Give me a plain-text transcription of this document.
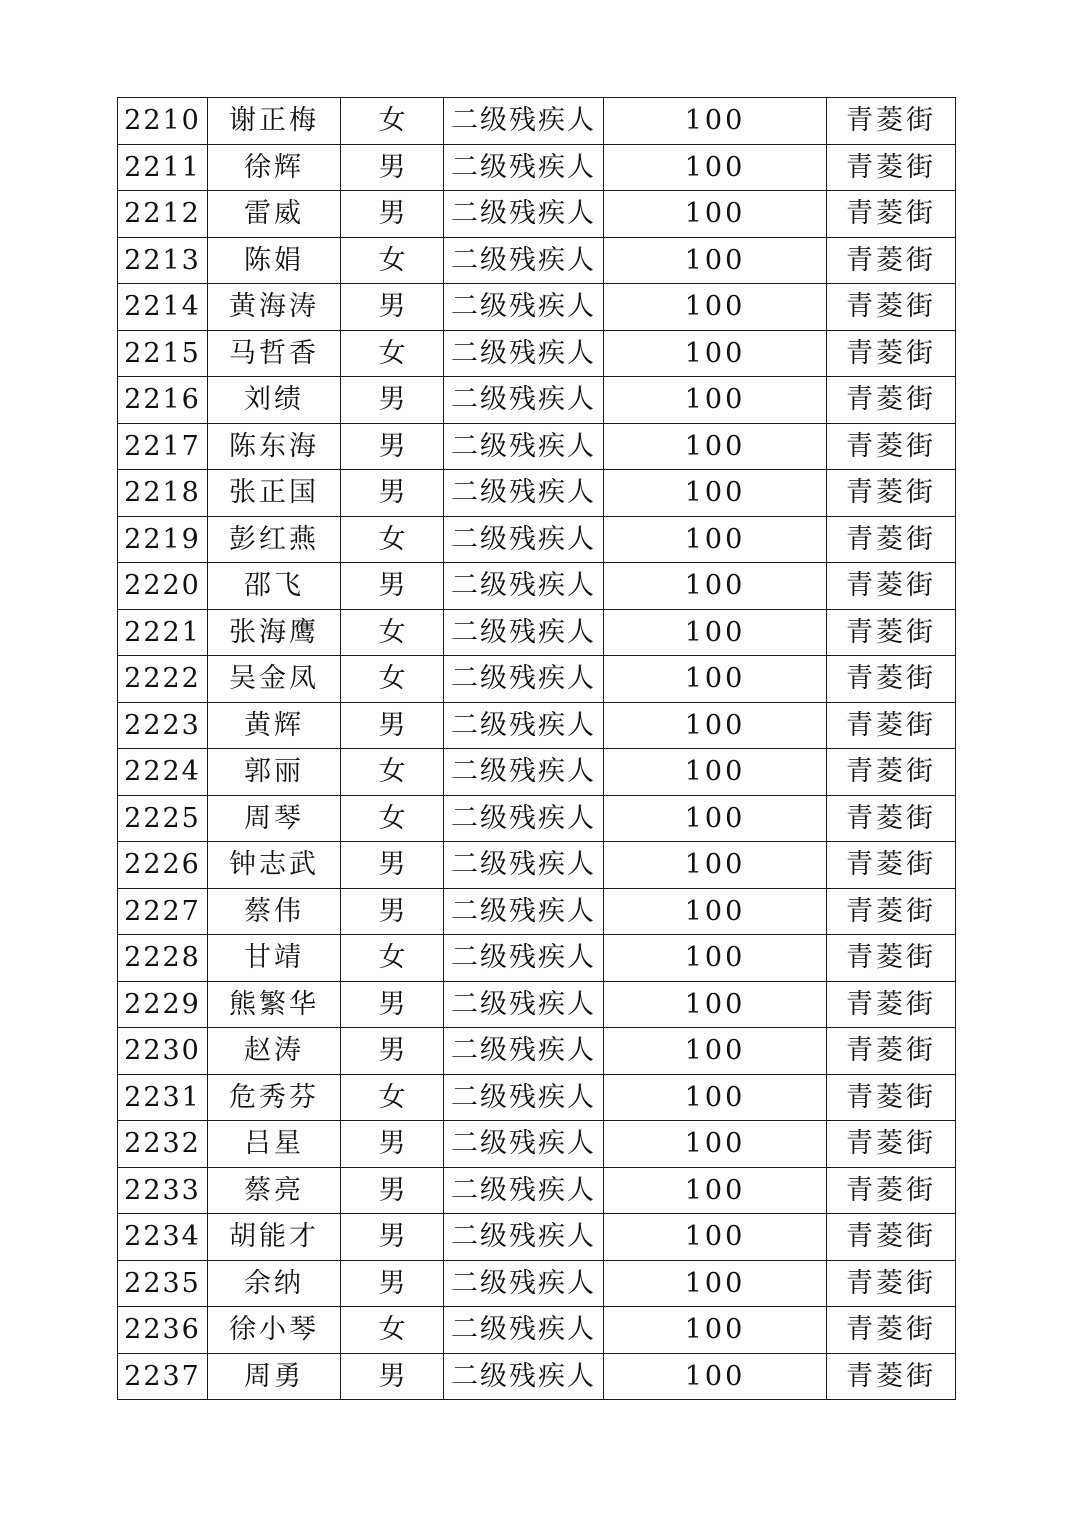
2210	谢正梅	女	二级残疾人	100	青菱街
2211	徐辉	男	二级残疾人	100	青菱街
2212	雷威	男	二级残疾人	100	青菱街
2213	陈娟	女	二级残疾人	100	青菱街
2214	黄海涛	男	二级残疾人	100	青菱街
2215	马哲香	女	二级残疾人	100	青菱街
2216	刘绩	男	二级残疾人	100	青菱街
2217	陈东海	男	二级残疾人	100	青菱街
2218	张正国	男	二级残疾人	100	青菱街
2219	彭红燕	女	二级残疾人	100	青菱街
2220	邵飞	男	二级残疾人	100	青菱街
2221	张海鹰	女	二级残疾人	100	青菱街
2222	吴金凤	女	二级残疾人	100	青菱街
2223	黄辉	男	二级残疾人	100	青菱街
2224	郭丽	女	二级残疾人	100	青菱街
2225	周琴	女	二级残疾人	100	青菱街
2226	钟志武	男	二级残疾人	100	青菱街
2227	蔡伟	男	二级残疾人	100	青菱街
2228	甘靖	女	二级残疾人	100	青菱街
2229	熊繁华	男	二级残疾人	100	青菱街
2230	赵涛	男	二级残疾人	100	青菱街
2231	危秀芬	女	二级残疾人	100	青菱街
2232	吕星	男	二级残疾人	100	青菱街
2233	蔡亮	男	二级残疾人	100	青菱街
2234	胡能才	男	二级残疾人	100	青菱街
2235	余纳	男	二级残疾人	100	青菱街
2236	徐小琴	女	二级残疾人	100	青菱街
2237	周勇	男	二级残疾人	100	青菱街
